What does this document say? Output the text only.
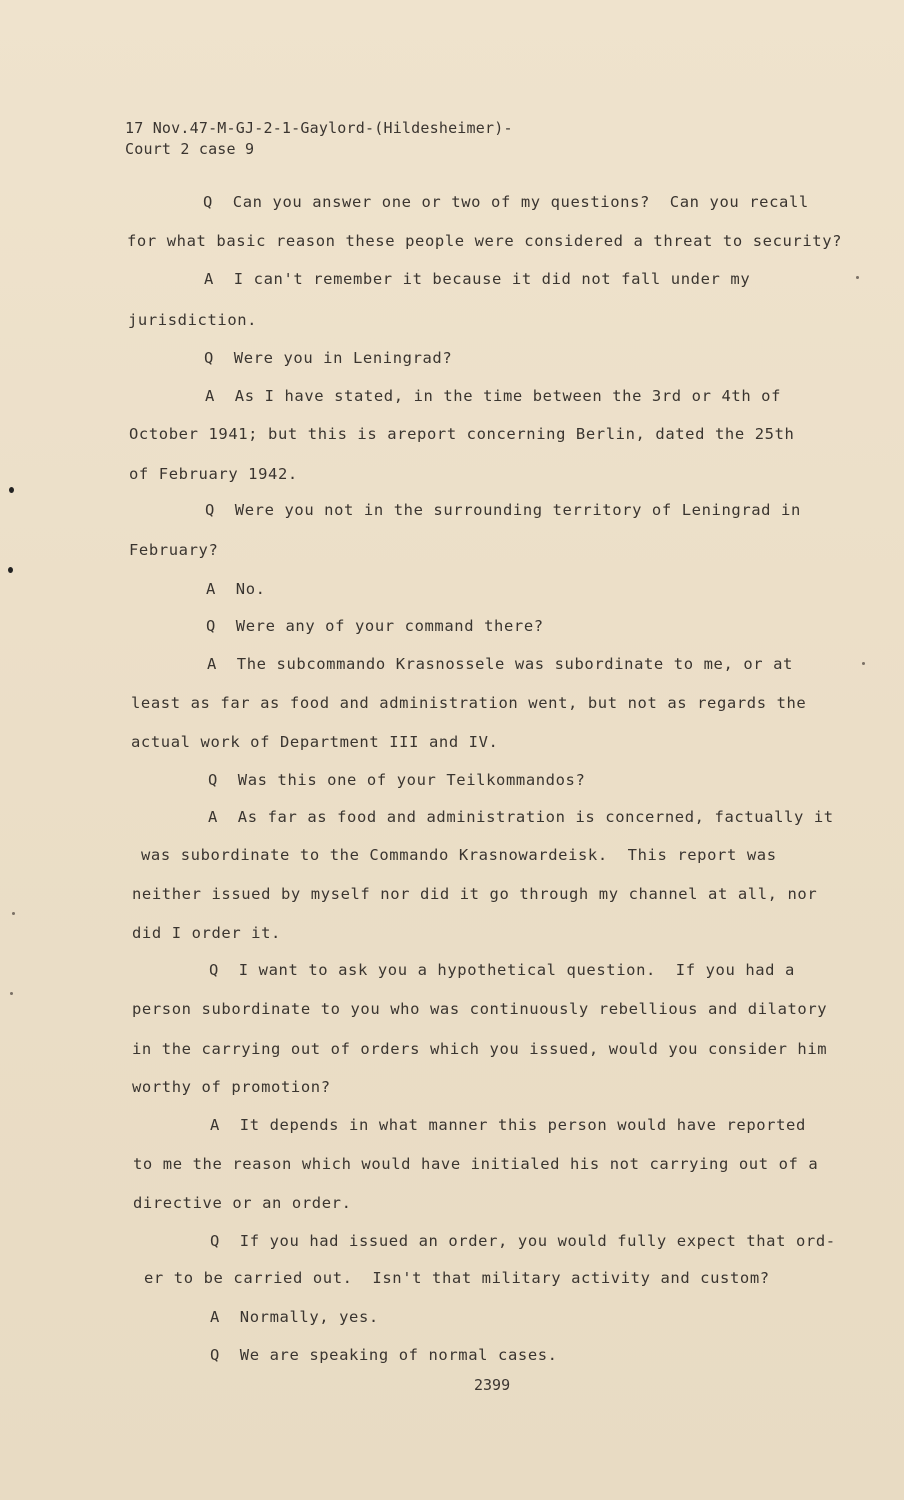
17 Nov.47-M-GJ-2-1-Gaylord-(Hildesheimer)-
Court 2 case 9
Q  Can you answer one or two of my questions?  Can you recall
for what basic reason these people were considered a threat to security?
A  I can't remember it because it did not fall under my
jurisdiction.
Q  Were you in Leningrad?
A  As I have stated, in the time between the 3rd or 4th of
October 1941; but this is areport concerning Berlin, dated the 25th
of February 1942.
Q  Were you not in the surrounding territory of Leningrad in
February?
A  No.
Q  Were any of your command there?
A  The subcommando Krasnossele was subordinate to me, or at
least as far as food and administration went, but not as regards the
actual work of Department III and IV.
Q  Was this one of your Teilkommandos?
A  As far as food and administration is concerned, factually it
was subordinate to the Commando Krasnowardeisk.  This report was
neither issued by myself nor did it go through my channel at all, nor
did I order it.
Q  I want to ask you a hypothetical question.  If you had a
person subordinate to you who was continuously rebellious and dilatory
in the carrying out of orders which you issued, would you consider him
worthy of promotion?
A  It depends in what manner this person would have reported
to me the reason which would have initialed his not carrying out of a
directive or an order.
Q  If you had issued an order, you would fully expect that ord-
er to be carried out.  Isn't that military activity and custom?
A  Normally, yes.
Q  We are speaking of normal cases.
2399
